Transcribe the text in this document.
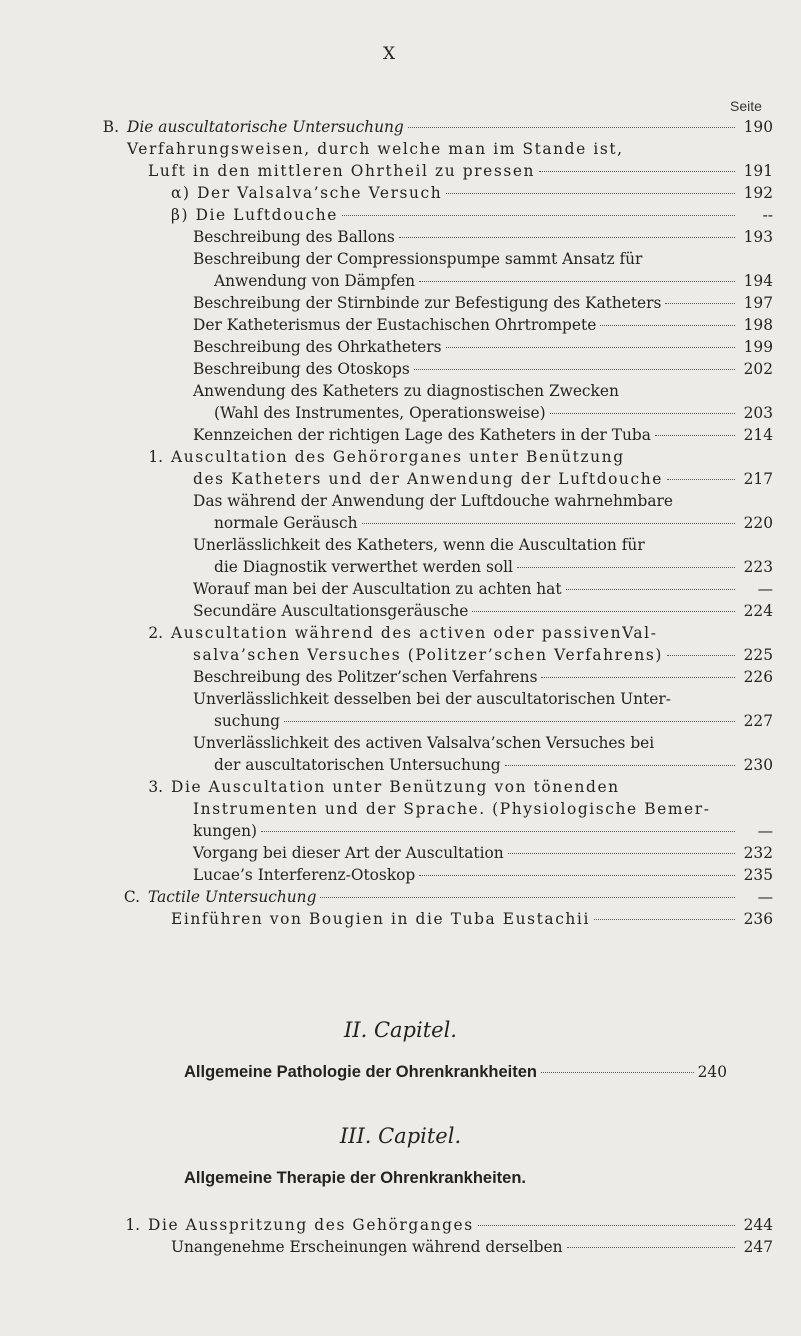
X
Seite
B. Die auscultatorische Untersuchung	190
Verfahrungsweisen, durch welche man im Stande ist,
Luft in den mittleren Ohrtheil zu pressen	191
α) Der Valsalva’sche Versuch	192
β) Die Luftdouche	--
Beschreibung des Ballons	193
Beschreibung der Compressionspumpe sammt Ansatz für
Anwendung von Dämpfen	194
Beschreibung der Stirnbinde zur Befestigung des Katheters	197
Der Katheterismus der Eustachischen Ohrtrompete	198
Beschreibung des Ohrkatheters	199
Beschreibung des Otoskops	202
Anwendung des Katheters zu diagnostischen Zwecken
(Wahl des Instrumentes, Operationsweise)	203
Kennzeichen der richtigen Lage des Katheters in der Tuba	214
1. Auscultation des Gehörorganes unter Benützung
des Katheters und der Anwendung der Luftdouche	217
Das während der Anwendung der Luftdouche wahrnehmbare
normale Geräusch	220
Unerlässlichkeit des Katheters, wenn die Auscultation für
die Diagnostik verwerthet werden soll	223
Worauf man bei der Auscultation zu achten hat	—
Secundäre Auscultationsgeräusche	224
2. Auscultation während des activen oder passivenVal-
salva’schen Versuches (Politzer’schen Verfahrens)	225
Beschreibung des Politzer’schen Verfahrens	226
Unverlässlichkeit desselben bei der auscultatorischen Unter-
suchung	227
Unverlässlichkeit des activen Valsalva’schen Versuches bei
der auscultatorischen Untersuchung	230
3. Die Auscultation unter Benützung von tönenden
Instrumenten und der Sprache. (Physiologische Bemer-
kungen)	—
Vorgang bei dieser Art der Auscultation	232
Lucae’s Interferenz-Otoskop	235
C. Tactile Untersuchung	—
Einführen von Bougien in die Tuba Eustachii	236
II. Capitel.
Allgemeine Pathologie der Ohrenkrankheiten	240
III. Capitel.
Allgemeine Therapie der Ohrenkrankheiten.
1. Die Ausspritzung des Gehörganges	244
Unangenehme Erscheinungen während derselben	247
